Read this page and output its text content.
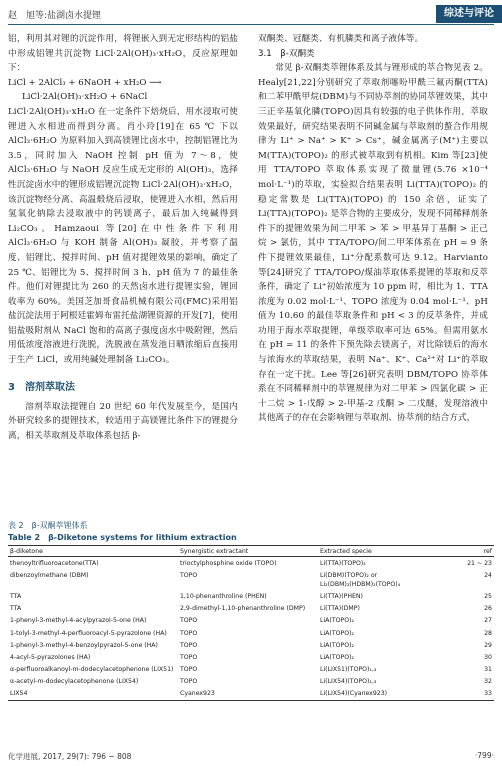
赵　旭等:盐湖卤水提锂	综述与评论

铝，利用其对锂的沉淀作用，将锂嵌入到无定形结构的铝盐中形成铝锂共沉淀物 LiCl·2Al(OH)₃·xH₂O，反应原理如下：

LiCl + 2AlCl₃ + 6NaOH + xH₂O ⟶
LiCl·2Al(OH)₃·xH₂O + 6NaCl

LiCl·2Al(OH)₃·xH₂O 在一定条件下焙烧后，用水浸取可使锂进入水相进而得到分离。肖小玲[19]在 65 ℃ 下以 AlCl₃·6H₂O 为原料加入到高镁锂比卤水中，控制铝锂比为 3.5，同时加入 NaOH 控制 pH 值为 7～8，使 AlCl₃·6H₂O 与 NaOH 反应生成无定形的 Al(OH)₃，选择性沉淀卤水中的锂形成铝锂沉淀物 LiCl·2Al(OH)₃·xH₂O，该沉淀物经分离、高温煅烧后浸取，使锂进入水相，然后用氢氧化钠除去浸取液中的钙镁离子，最后加入纯碱得到 Li₂CO₃。Hamzaoui 等[20]在中性条件下利用 AlCl₃·6H₂O 与 KOH 制备 Al(OH)₃ 凝胶，并考察了温度、铝锂比、搅拌时间、pH 值对提锂效果的影响，确定了 25 ℃、铝锂比为 5、搅拌时间 3 h、pH 值为 7 的最佳条件。他们对锂提比为 260 的天然卤水进行提锂实验，锂回收率为 60%。美国芝加哥食品机械有限公司(FMC)采用铝盐沉淀法用于阿根廷霍姆布雷托盐湖锂资源的开发[7]，使用铝盐吸附剂从 NaCl 饱和的高离子强度卤水中吸附锂，然后用低浓度溶液进行洗脱，洗脱液在蒸发池日晒浓缩后直接用于生产 LiCl，或用纯碱处理制备 Li₂CO₃。

3　溶剂萃取法

溶剂萃取法提锂自 20 世纪 60 年代发展至今，是国内外研究较多的提锂技术，较适用于高镁锂比条件下的锂提分离，相关萃取剂及萃取体系包括 β-

双酮类、冠醚类、有机膦类和离子液体等。

3.1　β-双酮类

常见 β-双酮类萃锂体系及其与锂形成的萃合物见表 2。Healy[21,22]分别研究了萃取剂噻吩甲酰三氟丙酮(TTA)和二苯甲酰甲烷(DBM)与不同协萃剂的协同萃锂效果，其中三正辛基氧化膦(TOPO)因具有较强的电子供体作用，萃取效果最好，研究结果表明不同碱金属与萃取剂的螯合作用规律为 Li⁺ > Na⁺ > K⁺ > Cs⁺，碱金属离子(M⁺)主要以 M(TTA)(TOPO)₂ 的形式被萃取到有机相。Kim 等[23]使用 TTA/TOPO 萃取体系实现了微量锂(5.76 ×10⁻⁴ mol·L⁻¹)的萃取，实验拟合结果表明 Li(TTA)(TOPO)₂ 的稳定常数是 Li(TTA)(TOPO) 的 150 余倍，证实了 Li(TTA)(TOPO)₂ 是萃合物的主要成分，发现不同稀释剂条件下的提锂效果为间二甲苯 > 苯 > 甲基异丁基酮 > 正己烷 > 氯仿，其中 TTA/TOPO/间二甲苯体系在 pH = 9 条件下提锂效果最佳，Li⁺分配系数可达 9.12。Harvianto 等[24]研究了 TTA/TOPO/煤油萃取体系提锂的萃取和反萃条件，确定了 Li⁺初始浓度为 10 ppm 时，相比为 1、TTA 浓度为 0.02 mol·L⁻¹、TOPO 浓度为 0.04 mol·L⁻¹、pH 值为 10.60 的最佳萃取条件和 pH < 3 的反萃条件，并成功用于海水萃取提锂，单级萃取率可达 65%。但需用氨水在 pH = 11 的条件下预先除去镁离子，对比除镁后的海水与浓海水的萃取结果，表明 Na⁺、K⁺、Ca²⁺对 Li⁺的萃取存在一定干扰。Lee 等[26]研究表明 DBM/TOPO 协萃体系在不同稀释剂中的萃锂规律为对二甲苯 > 四氯化碳 > 正十二烷 > 1-戊醇 > 2-甲基-2 戊酮 > 二戊醚，发现溶液中其他离子的存在会影响锂与萃取剂、协萃剂的结合方式，

表 2　β-双酮萃锂体系
Table 2　β-Diketone systems for lithium extraction
β-diketone	Synergistic extractant	Extracted specie	ref
thenoyltrifluoroacetone(TTA)	trioctylphosphine oxide (TOPO)	Li(TTA)(TOPO)₂	21 ~ 23
dibenzoylmethane (DBM)	TOPO	Li(DBM)(TOPO)₂ or Li₂(DBM)₂(HDBM)₂(TOPO)₄	24
TTA	1,10-phenanthroline (PHEN)	Li(TTA)(PHEN)	25
TTA	2,9-dimethyl-1,10-phenanthroline (DMP)	Li(TTA)(DMP)	26
1-phenyl-3-methyl-4-acylpyrazol-5-one (HA)	TOPO	LiA(TOPO)₂	27
1-tolyl-3-methyl-4-perfluoroacyl-5-pyrazolone (HA)	TOPO	LiA(TOPO)₂	28
1-phenyl-3-methyl-4-benzoylpyrazol-5-one (HA)	TOPO	LiA(TOPO)₂	29
4-acyl-5-pyrazolones (HA)	TOPO	LiA(TOPO)₂	30
α-perfluoroalkanoyl-m-dodecylacetophenone (LIX51)	TOPO	Li(LIX51)(TOPO)₁,₃	31
α-acetyl-m-dodecylacetophenone (LIX54)	TOPO	Li(LIX54)(TOPO)₁,₃	32
LIX54	Cyanex923	Li(LIX54)(Cyanex923)	33
化学进展, 2017, 29(7): 796 ~ 808	·799·
